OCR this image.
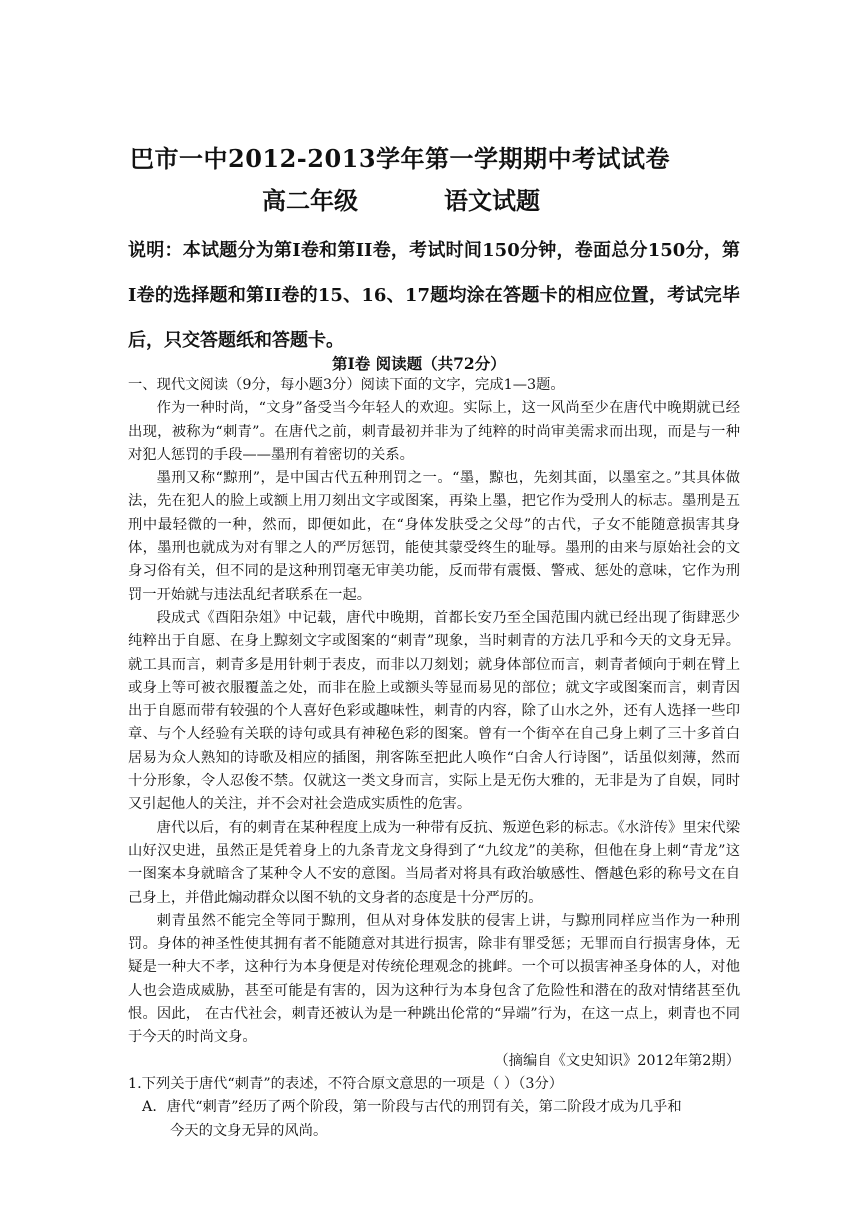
巴市一中2012-2013学年第一学期期中考试试卷
高二年级	语文试题
说明：本试题分为第Ⅰ卷和第II卷，考试时间150分钟，卷面总分150分，第Ⅰ卷的选择题和第II卷的15、16、17题均涂在答题卡的相应位置，考试完毕后，只交答题纸和答题卡。
第Ⅰ卷 阅读题（共72分）

一、现代文阅读（9分，每小题3分）阅读下面的文字，完成1—3题。

作为一种时尚，“文身”备受当今年轻人的欢迎。实际上，这一风尚至少在唐代中晚期就已经出现，被称为“刺青”。在唐代之前，刺青最初并非为了纯粹的时尚审美需求而出现，而是与一种对犯人惩罚的手段——墨刑有着密切的关系。

墨刑又称“黥刑”，是中国古代五种刑罚之一。“墨，黥也，先刻其面，以墨室之。”其具体做法，先在犯人的脸上或额上用刀刻出文字或图案，再染上墨，把它作为受刑人的标志。墨刑是五刑中最轻微的一种，然而，即便如此，在“身体发肤受之父母”的古代，子女不能随意损害其身体，墨刑也就成为对有罪之人的严厉惩罚，能使其蒙受终生的耻辱。墨刑的由来与原始社会的文身习俗有关，但不同的是这种刑罚毫无审美功能，反而带有震慑、警戒、惩处的意味，它作为刑罚一开始就与违法乱纪者联系在一起。

段成式《酉阳杂俎》中记载，唐代中晚期，首都长安乃至全国范围内就已经出现了街肆恶少纯粹出于自愿、在身上黥刻文字或图案的“刺青”现象，当时刺青的方法几乎和今天的文身无异。就工具而言，刺青多是用针刺于表皮，而非以刀刻划；就身体部位而言，刺青者倾向于刺在臂上或身上等可被衣服覆盖之处，而非在脸上或额头等显而易见的部位；就文字或图案而言，刺青因出于自愿而带有较强的个人喜好色彩或趣味性，刺青的内容，除了山水之外，还有人选择一些印章、与个人经验有关联的诗句或具有神秘色彩的图案。曾有一个街卒在自己身上刺了三十多首白居易为众人熟知的诗歌及相应的插图，荆客陈至把此人唤作“白舍人行诗图”，话虽似刻薄，然而十分形象，令人忍俊不禁。仅就这一类文身而言，实际上是无伤大雅的，无非是为了自娱，同时又引起他人的关注，并不会对社会造成实质性的危害。

唐代以后，有的刺青在某种程度上成为一种带有反抗、叛逆色彩的标志。《水浒传》里宋代梁山好汉史进，虽然正是凭着身上的九条青龙文身得到了“九纹龙”的美称，但他在身上刺“青龙”这一图案本身就暗含了某种令人不安的意图。当局者对将具有政治敏感性、僭越色彩的称号文在自己身上，并借此煽动群众以图不轨的文身者的态度是十分严厉的。

刺青虽然不能完全等同于黥刑，但从对身体发肤的侵害上讲，与黥刑同样应当作为一种刑罚。身体的神圣性使其拥有者不能随意对其进行损害，除非有罪受惩；无罪而自行损害身体，无疑是一种大不孝，这种行为本身便是对传统伦理观念的挑衅。一个可以损害神圣身体的人，对他人也会造成威胁，甚至可能是有害的，因为这种行为本身包含了危险性和潜在的敌对情绪甚至仇恨。因此， 在古代社会，刺青还被认为是一种跳出伦常的“异端”行为，在这一点上，刺青也不同于今天的时尚文身。

（摘编自《文史知识》2012年第2期）

1.下列关于唐代“刺青”的表述，不符合原文意思的一项是（ ）（3分）

A．唐代“刺青”经历了两个阶段，第一阶段与古代的刑罚有关，第二阶段才成为几乎和

今天的文身无异的风尚。
